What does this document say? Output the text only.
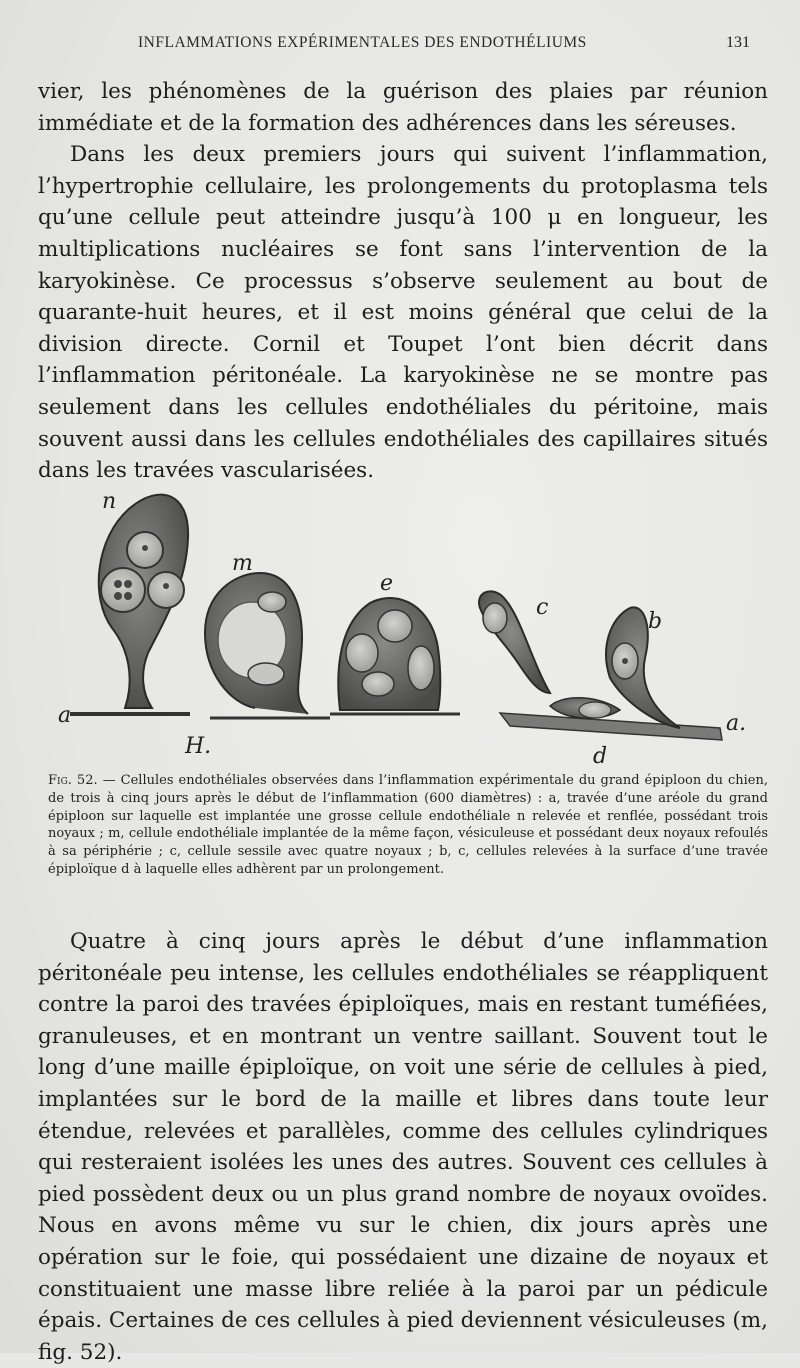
INFLAMMATIONS EXPÉRIMENTALES DES ENDOTHÉLIUMS	131

vier, les phénomènes de la guérison des plaies par réunion immédiate et de la formation des adhérences dans les séreuses.

Dans les deux premiers jours qui suivent l’inflammation, l’hypertrophie cellulaire, les prolongements du protoplasma tels qu’une cellule peut atteindre jusqu’à 100 μ en longueur, les multiplications nucléaires se font sans l’intervention de la karyokinèse. Ce processus s’observe seulement au bout de quarante-huit heures, et il est moins général que celui de la division directe. Cornil et Toupet l’ont bien décrit dans l’inflammation péritonéale. La karyokinèse ne se montre pas seulement dans les cellules endothéliales du péritoine, mais souvent aussi dans les cellules endothéliales des capillaires situés dans les travées vascularisées.

n
m
e
c
b
a	a.
d
H.
Fig. 52. — Cellules endothéliales observées dans l’inflammation expérimentale du grand épiploon du chien, de trois à cinq jours après le début de l’inflammation (600 diamètres) : a, travée d’une aréole du grand épiploon sur laquelle est implantée une grosse cellule endothéliale n relevée et renflée, possédant trois noyaux ; m, cellule endothéliale implantée de la même façon, vésiculeuse et possédant deux noyaux refoulés à sa périphérie ; c, cellule sessile avec quatre noyaux ; b, c, cellules relevées à la surface d’une travée épiploïque d à laquelle elles adhèrent par un prolongement.

Quatre à cinq jours après le début d’une inflammation péritonéale peu intense, les cellules endothéliales se réappliquent contre la paroi des travées épiploïques, mais en restant tuméfiées, granuleuses, et en montrant un ventre saillant. Souvent tout le long d’une maille épiploïque, on voit une série de cellules à pied, implantées sur le bord de la maille et libres dans toute leur étendue, relevées et parallèles, comme des cellules cylindriques qui resteraient isolées les unes des autres. Souvent ces cellules à pied possèdent deux ou un plus grand nombre de noyaux ovoïdes. Nous en avons même vu sur le chien, dix jours après une opération sur le foie, qui possédaient une dizaine de noyaux et constituaient une masse libre reliée à la paroi par un pédicule épais. Certaines de ces cellules à pied deviennent vésiculeuses (m, fig. 52).
